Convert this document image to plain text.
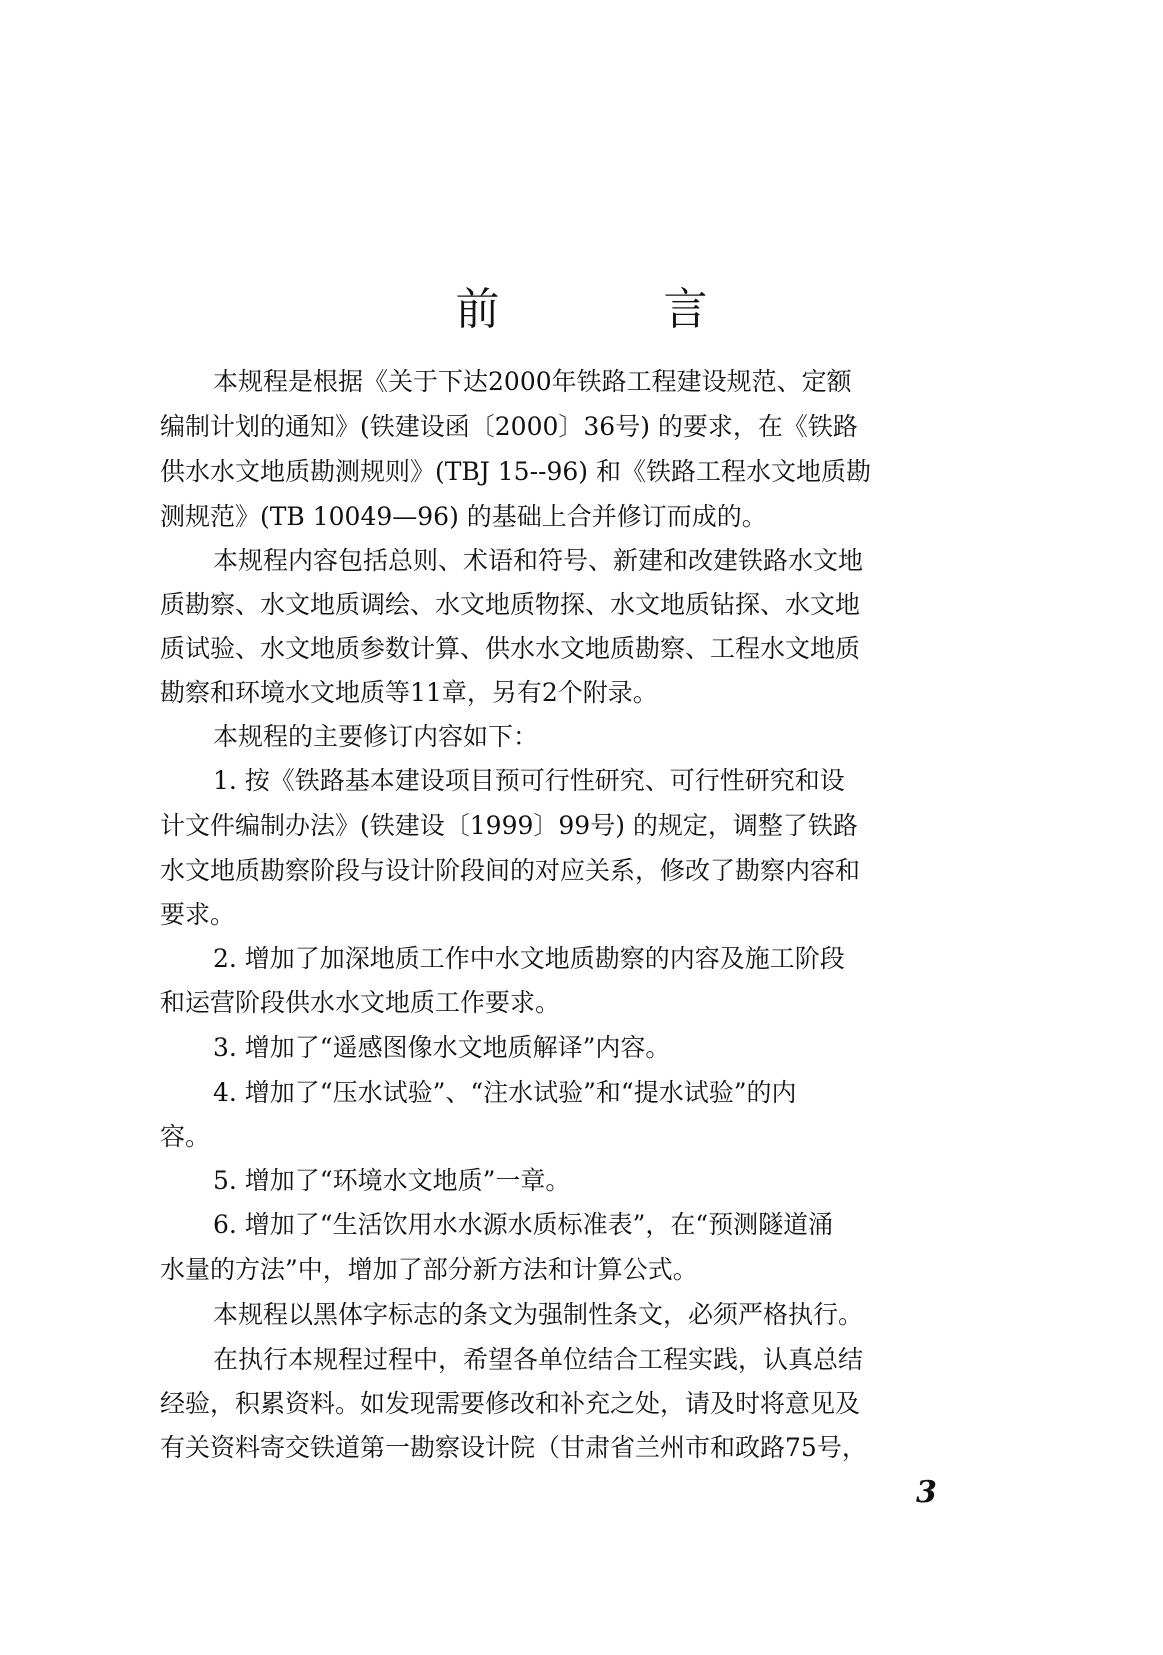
前　言
本规程是根据《关于下达2000年铁路工程建设规范、定额
编制计划的通知》(铁建设函〔2000〕36号) 的要求，在《铁路
供水水文地质勘测规则》(TBJ 15--96) 和《铁路工程水文地质勘
测规范》(TB 10049—96) 的基础上合并修订而成的。
本规程内容包括总则、术语和符号、新建和改建铁路水文地
质勘察、水文地质调绘、水文地质物探、水文地质钻探、水文地
质试验、水文地质参数计算、供水水文地质勘察、工程水文地质
勘察和环境水文地质等11章，另有2个附录。
本规程的主要修订内容如下：
1. 按《铁路基本建设项目预可行性研究、可行性研究和设
计文件编制办法》(铁建设〔1999〕99号) 的规定，调整了铁路
水文地质勘察阶段与设计阶段间的对应关系，修改了勘察内容和
要求。
2. 增加了加深地质工作中水文地质勘察的内容及施工阶段
和运营阶段供水水文地质工作要求。
3. 增加了“遥感图像水文地质解译”内容。
4. 增加了“压水试验”、“注水试验”和“提水试验”的内
容。
5. 增加了“环境水文地质”一章。
6. 增加了“生活饮用水水源水质标准表”，在“预测隧道涌
水量的方法”中，增加了部分新方法和计算公式。
本规程以黑体字标志的条文为强制性条文，必须严格执行。
在执行本规程过程中，希望各单位结合工程实践，认真总结
经验，积累资料。如发现需要修改和补充之处，请及时将意见及
有关资料寄交铁道第一勘察设计院（甘肃省兰州市和政路75号，
3
